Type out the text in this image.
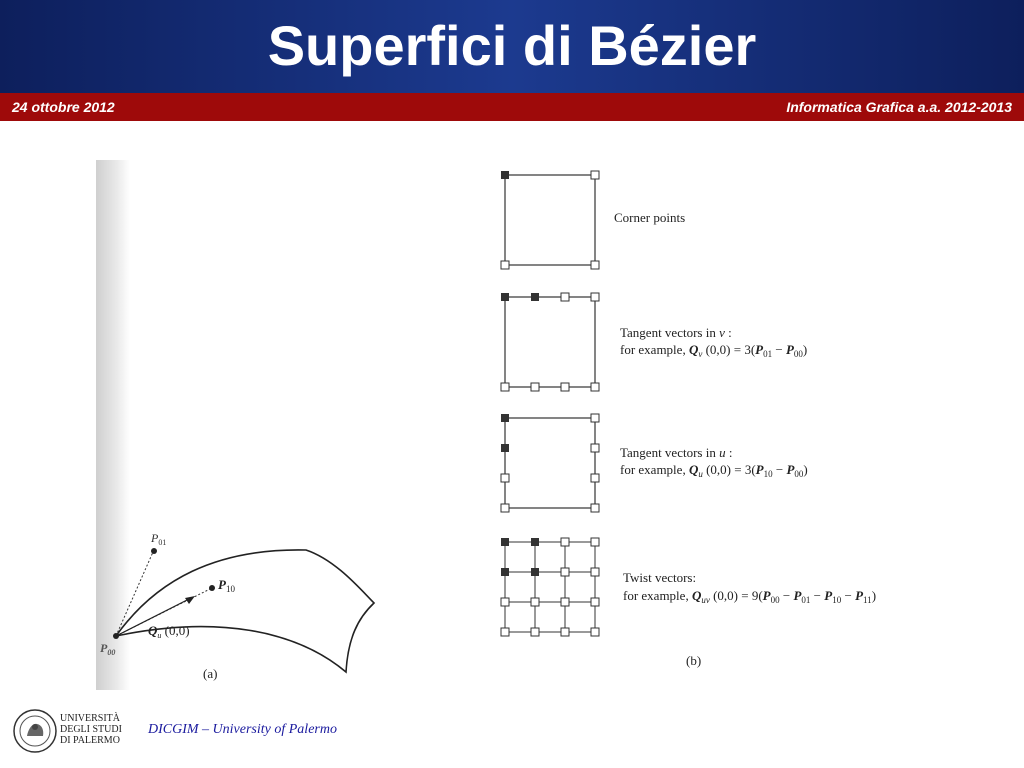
Superfici di Bézier
24 ottobre 2012	Informatica Grafica a.a. 2012-2013
$P_{01}$
$P_{10}$
$Q_u$ (0,0)
$P_{00}$
(a)
Corner points
Tangent vectors in v :
for example, $Q_v$ $(0,0) = 3(P_{01} - P_{00})$
Tangent vectors in u :
for example, $Q_u$ $(0,0) = 3(P_{10} - P_{00})$
Twist vectors:
for example, $Q_{uv}$ $(0,0) = 9(P_{00} - P_{01} - P_{10} - P_{11})$
(b)
UNIVERSITÀ
DEGLI STUDI
DI PALERMO
DICGIM – University of Palermo
